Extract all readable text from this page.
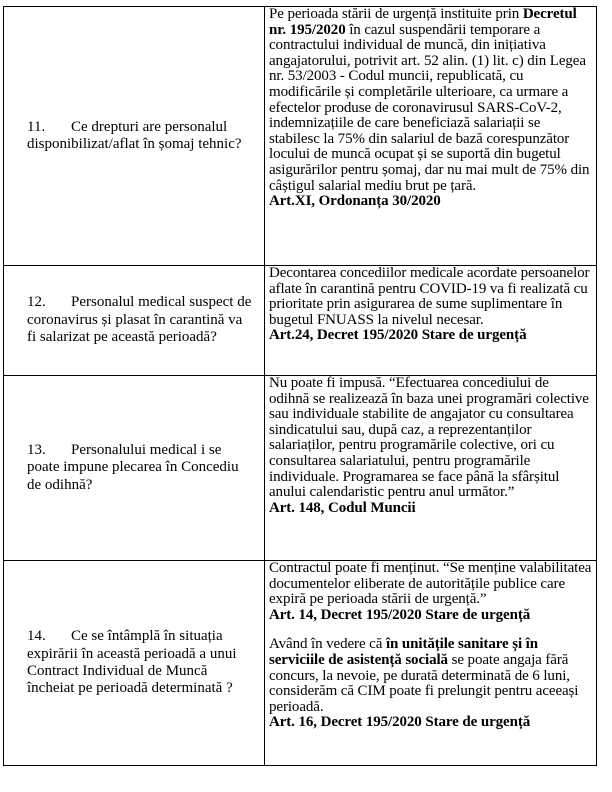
11. Ce drepturi are personalul disponibilizat/aflat în șomaj tehnic?	Pe perioada stării de urgență instituite prin Decretul nr. 195/2020 în cazul suspendării temporare a contractului individual de muncă, din inițiativa angajatorului, potrivit art. 52 alin. (1) lit. c) din Legea nr. 53/2003 - Codul muncii, republicată, cu modificările și completările ulterioare, ca urmare a efectelor produse de coronavirusul SARS-CoV-2, indemnizațiile de care beneficiază salariații se stabilesc la 75% din salariul de bază corespunzător locului de muncă ocupat și se suportă din bugetul asigurărilor pentru șomaj, dar nu mai mult de 75% din câștigul salarial mediu brut pe țară.

Art.XI, Ordonanța 30/2020

12. Personalul medical suspect de coronavirus și plasat în carantină va fi salarizat pe această perioadă?	Decontarea concediilor medicale acordate persoanelor aflate în carantină pentru COVID-19 va fi realizată cu prioritate prin asigurarea de sume suplimentare în bugetul FNUASS la nivelul necesar.

Art.24, Decret 195/2020 Stare de urgență

13. Personalului medical i se poate impune plecarea în Concediu de odihnă?	Nu poate fi impusă. “Efectuarea concediului de odihnă se realizează în baza unei programări colective sau individuale stabilite de angajator cu consultarea sindicatului sau, după caz, a reprezentanților salariaților, pentru programările colective, ori cu consultarea salariatului, pentru programările individuale. Programarea se face până la sfârșitul anului calendaristic pentru anul următor.”

Art. 148, Codul Muncii

14. Ce se întâmplă în situația expirării în această perioadă a unui Contract Individual de Muncă încheiat pe perioadă determinată ?	Contractul poate fi menținut. “Se menține valabilitatea documentelor eliberate de autoritățile publice care expiră pe perioada stării de urgență.”

Art. 14, Decret 195/2020 Stare de urgență

Având în vedere că în unitățile sanitare și în serviciile de asistență socială se poate angaja fără concurs, la nevoie, pe durată determinată de 6 luni, considerăm că CIM poate fi prelungit pentru aceeași perioadă.

Art. 16, Decret 195/2020 Stare de urgență
